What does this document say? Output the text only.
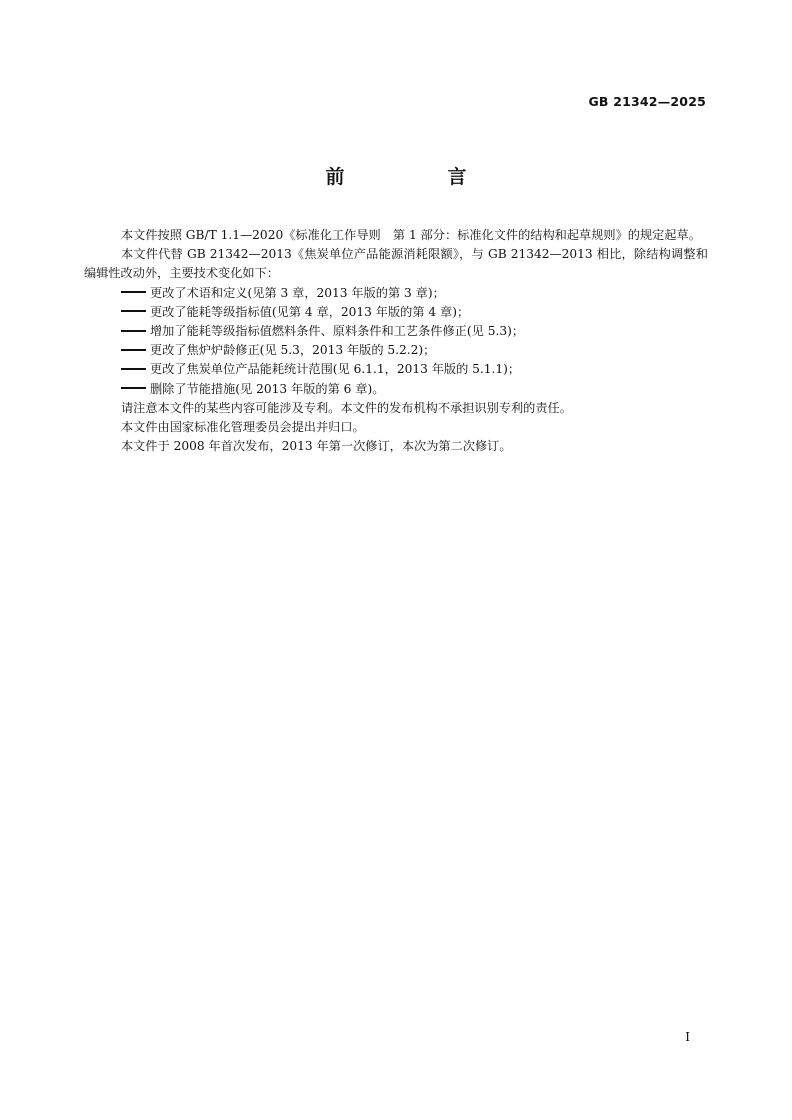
GB 21342—2025
前　言

本文件按照 GB/T 1.1—2020《标准化工作导则　第 1 部分：标准化文件的结构和起草规则》的规定起草。

本文件代替 GB 21342—2013《焦炭单位产品能源消耗限额》，与 GB 21342—2013 相比，除结构调整和编辑性改动外，主要技术变化如下：

更改了术语和定义(见第 3 章，2013 年版的第 3 章)；

更改了能耗等级指标值(见第 4 章，2013 年版的第 4 章)；

增加了能耗等级指标值燃料条件、原料条件和工艺条件修正(见 5.3)；

更改了焦炉炉龄修正(见 5.3，2013 年版的 5.2.2)；

更改了焦炭单位产品能耗统计范围(见 6.1.1，2013 年版的 5.1.1)；

删除了节能措施(见 2013 年版的第 6 章)。

请注意本文件的某些内容可能涉及专利。本文件的发布机构不承担识别专利的责任。

本文件由国家标准化管理委员会提出并归口。

本文件于 2008 年首次发布，2013 年第一次修订，本次为第二次修订。

I
